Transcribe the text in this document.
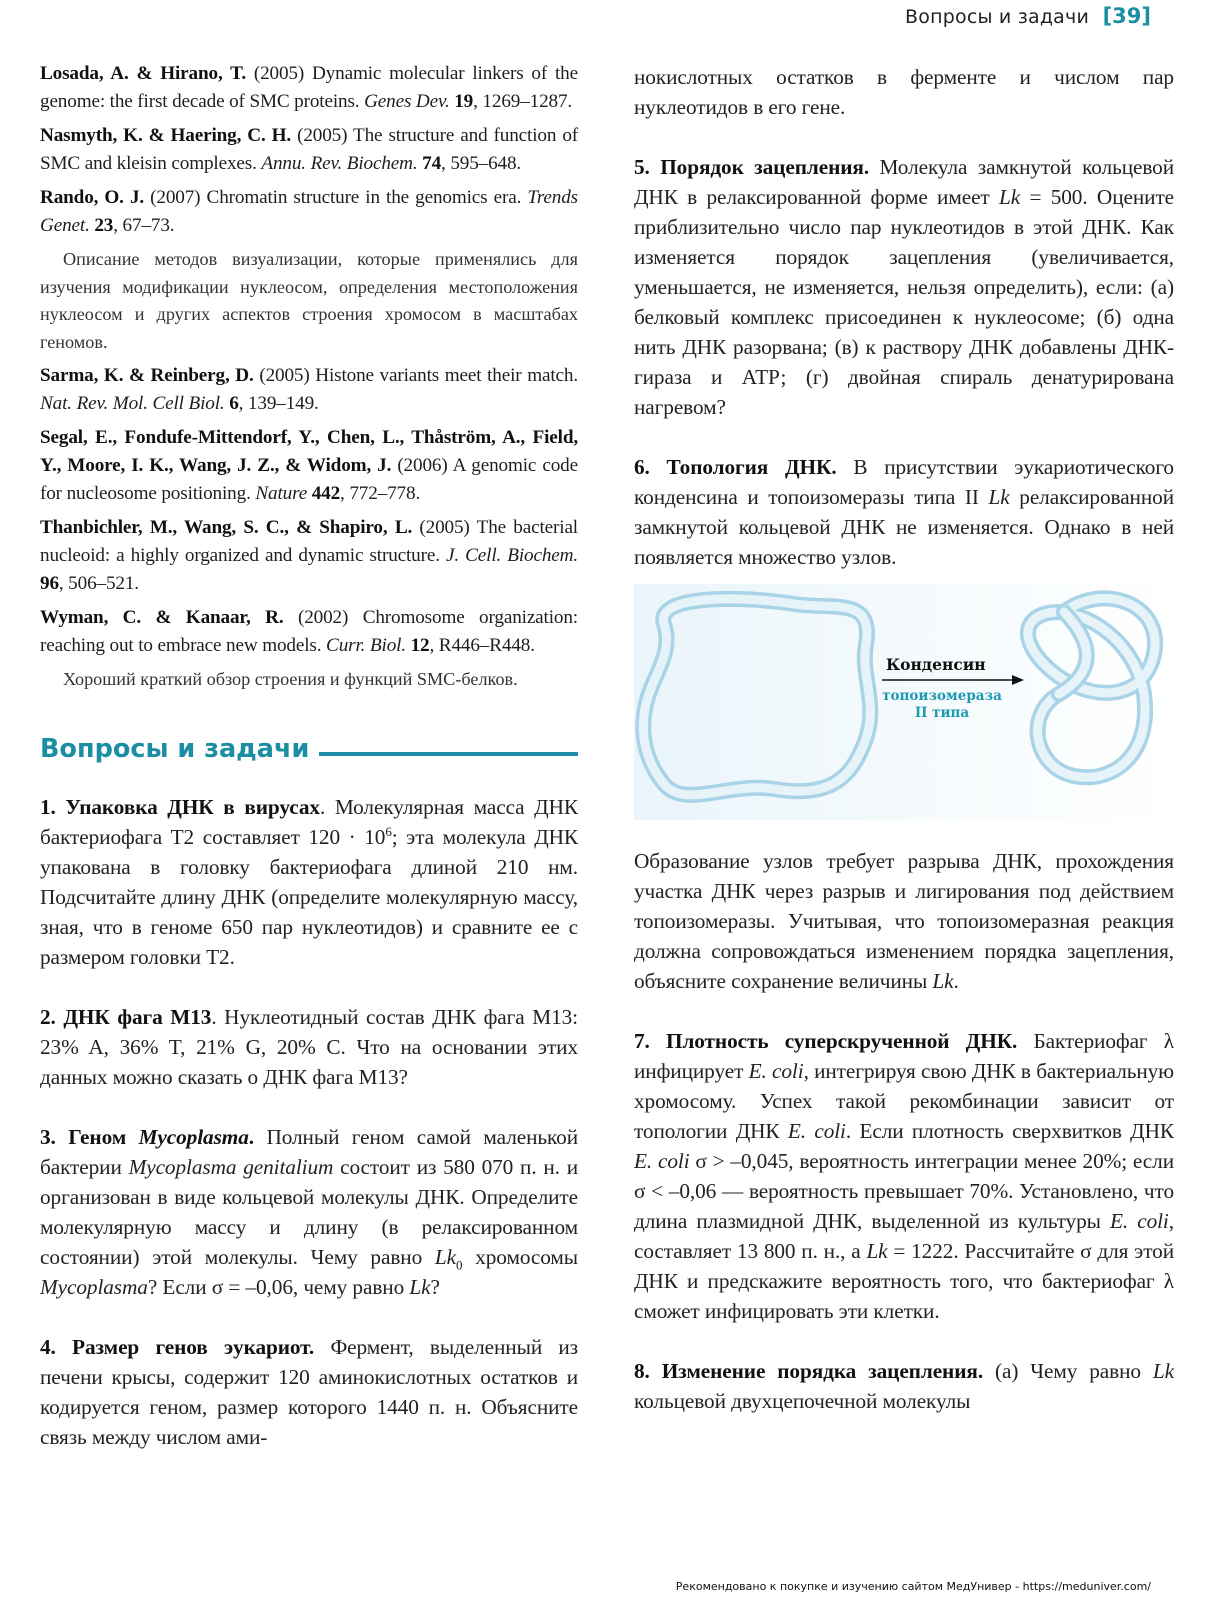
Вопросы и задачи [39]

Losada, A. & Hirano, T. (2005) Dynamic molecular linkers of the genome: the first decade of SMC proteins. Genes Dev. 19, 1269–1287.

Nasmyth, K. & Haering, C. H. (2005) The structure and function of SMC and kleisin complexes. Annu. Rev. Biochem. 74, 595–648.

Rando, O. J. (2007) Chromatin structure in the genomics era. Trends Genet. 23, 67–73.

Описание методов визуализации, которые применялись для изучения модификации нуклеосом, определения местоположения нуклеосом и других аспектов строения хромосом в масштабах геномов.

Sarma, K. & Reinberg, D. (2005) Histone variants meet their match. Nat. Rev. Mol. Cell Biol. 6, 139–149.

Segal, E., Fondufe-Mittendorf, Y., Chen, L., Thåström, A., Field, Y., Moore, I. K., Wang, J. Z., & Widom, J. (2006) A genomic code for nucleosome positioning. Nature 442, 772–778.

Thanbichler, M., Wang, S. C., & Shapiro, L. (2005) The bacterial nucleoid: a highly organized and dynamic structure. J. Cell. Biochem. 96, 506–521.

Wyman, C. & Kanaar, R. (2002) Chromosome organization: reaching out to embrace new models. Curr. Biol. 12, R446–R448.

Хороший краткий обзор строения и функций SMC-белков.

Вопросы и задачи

1. Упаковка ДНК в вирусах. Молекулярная масса ДНК бактериофага Т2 составляет $120 \cdot 10^6$; эта молекула ДНК упакована в головку бактериофага длиной 210 нм. Подсчитайте длину ДНК (определите молекулярную массу, зная, что в геноме 650 пар нуклеотидов) и сравните ее с размером головки Т2.

2. ДНК фага M13. Нуклеотидный состав ДНК фага M13: 23% A, 36% T, 21% G, 20% C. Что на основании этих данных можно сказать о ДНК фага M13?

3. Геном Mycoplasma. Полный геном самой маленькой бактерии Mycoplasma genitalium состоит из 580 070 п. н. и организован в виде кольцевой молекулы ДНК. Определите молекулярную массу и длину (в релаксированном состоянии) этой молекулы. Чему равно $Lk_0$ хромосомы Mycoplasma? Если σ = –0,06, чему равно Lk?

4. Размер генов эукариот. Фермент, выделенный из печени крысы, содержит 120 аминокислотных остатков и кодируется геном, размер которого 1440 п. н. Объясните связь между числом ами-

нокислотных остатков в ферменте и числом пар нуклеотидов в его гене.

5. Порядок зацепления. Молекула замкнутой кольцевой ДНК в релаксированной форме имеет Lk = 500. Оцените приблизительно число пар нуклеотидов в этой ДНК. Как изменяется порядок зацепления (увеличивается, уменьшается, не изменяется, нельзя определить), если: (а) белковый комплекс присоединен к нуклеосоме; (б) одна нить ДНК разорвана; (в) к раствору ДНК добавлены ДНК-гираза и АТР; (г) двойная спираль денатурирована нагревом?

6. Топология ДНК. В присутствии эукариотического конденсина и топоизомеразы типа II Lk релаксированной замкнутой кольцевой ДНК не изменяется. Однако в ней появляется множество узлов.

Конденсин
топоизомераза
II типа

Образование узлов требует разрыва ДНК, прохождения участка ДНК через разрыв и лигирования под действием топоизомеразы. Учитывая, что топоизомеразная реакция должна сопровождаться изменением порядка зацепления, объясните сохранение величины Lk.

7. Плотность суперскрученной ДНК. Бактериофаг λ инфицирует E. coli, интегрируя свою ДНК в бактериальную хромосому. Успех такой рекомбинации зависит от топологии ДНК E. coli. Если плотность сверхвитков ДНК E. coli σ > –0,045, вероятность интеграции менее 20%; если σ < –0,06 — вероятность превышает 70%. Установлено, что длина плазмидной ДНК, выделенной из культуры E. coli, составляет 13 800 п. н., а Lk = 1222. Рассчитайте σ для этой ДНК и предскажите вероятность того, что бактериофаг λ сможет инфицировать эти клетки.

8. Изменение порядка зацепления. (а) Чему равно Lk кольцевой двухцепочечной молекулы

Рекомендовано к покупке и изучению сайтом МедУнивер - https://meduniver.com/
